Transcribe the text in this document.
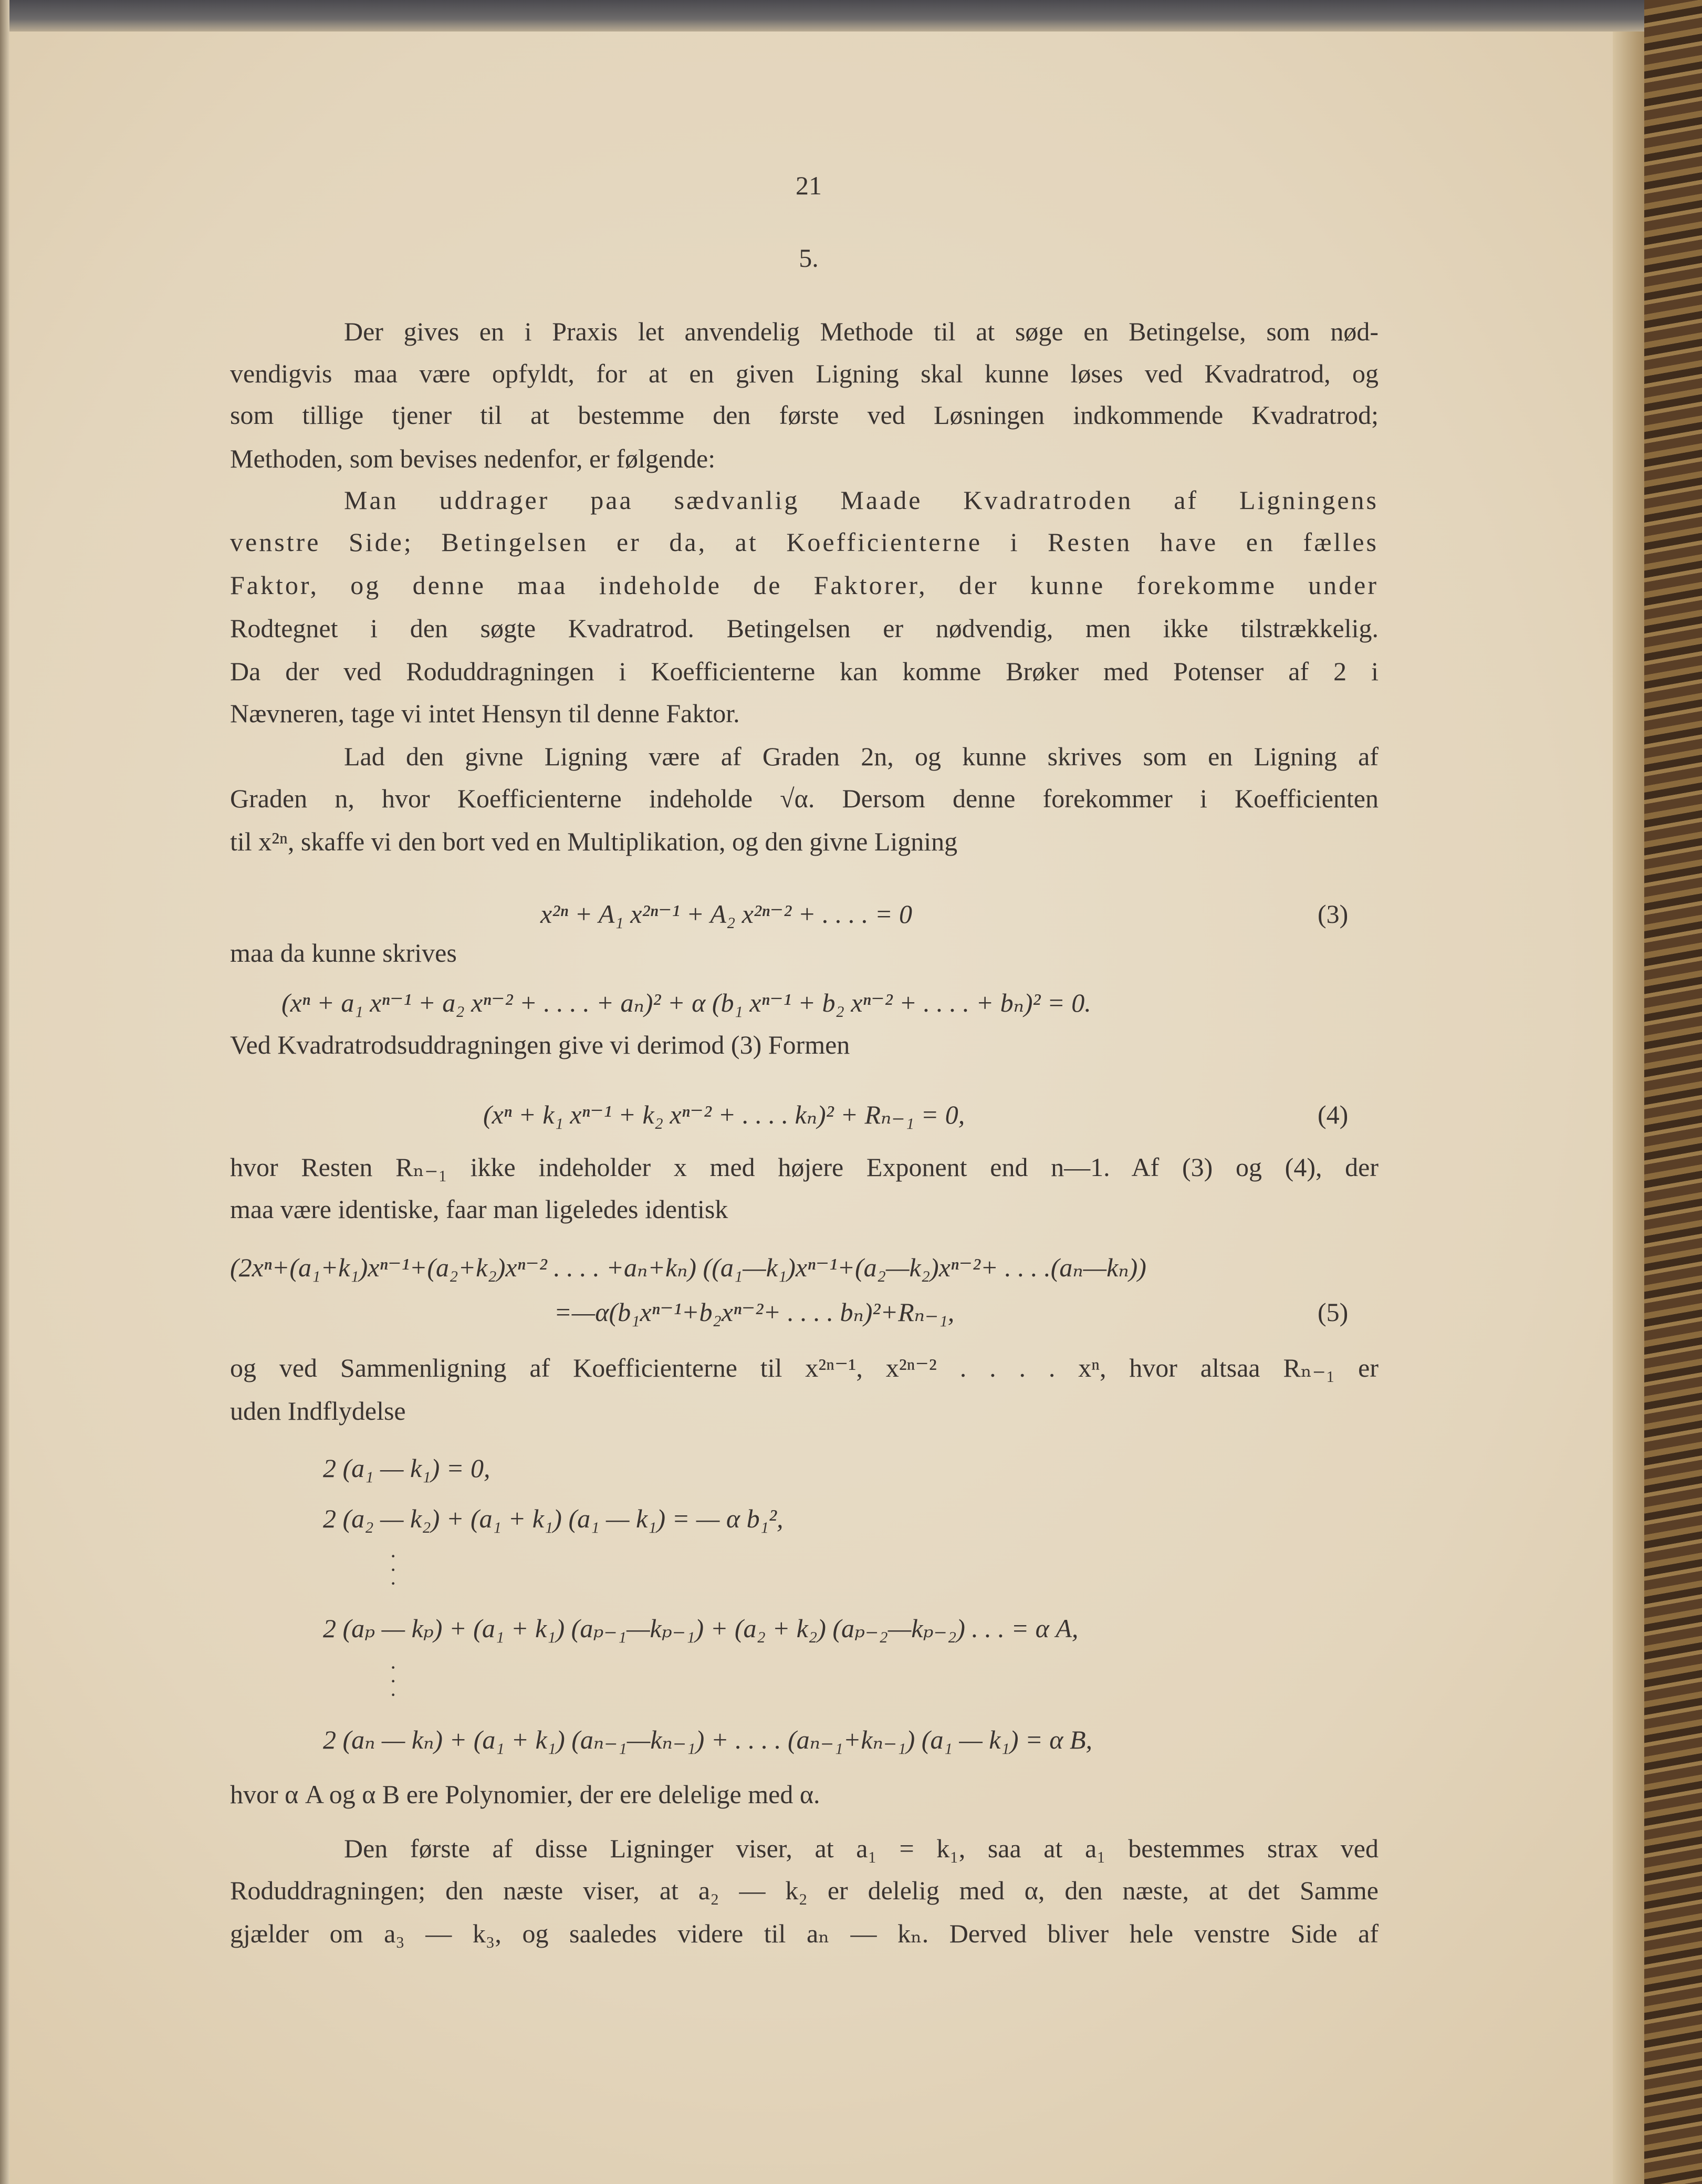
21
5.
Der gives en i Praxis let anvendelig Methode til at søge en Betingelse, som nød-
vendigvis maa være opfyldt, for at en given Ligning skal kunne løses ved Kvadratrod, og
som tillige tjener til at bestemme den første ved Løsningen indkommende Kvadratrod;
Methoden, som bevises nedenfor, er følgende:
Man uddrager paa sædvanlig Maade Kvadratroden af Ligningens
venstre Side; Betingelsen er da, at Koefficienterne i Resten have en fælles
Faktor, og denne maa indeholde de Faktorer, der kunne forekomme under
Rodtegnet i den søgte Kvadratrod. Betingelsen er nødvendig, men ikke tilstrækkelig.
Da der ved Roduddragningen i Koefficienterne kan komme Brøker med Potenser af 2 i
Nævneren, tage vi intet Hensyn til denne Faktor.
Lad den givne Ligning være af Graden 2n, og kunne skrives som en Ligning af
Graden n, hvor Koefficienterne indeholde √α. Dersom denne forekommer i Koefficienten
til x²ⁿ, skaffe vi den bort ved en Multiplikation, og den givne Ligning
x²ⁿ + A₁ x²ⁿ⁻¹ + A₂ x²ⁿ⁻² + . . . . = 0	(3)
maa da kunne skrives
(xⁿ + a₁ xⁿ⁻¹ + a₂ xⁿ⁻² + . . . . + aₙ)² + α (b₁ xⁿ⁻¹ + b₂ xⁿ⁻² + . . . . + bₙ)² = 0.
Ved Kvadratrodsuddragningen give vi derimod (3) Formen
(xⁿ + k₁ xⁿ⁻¹ + k₂ xⁿ⁻² + . . . . kₙ)² + Rₙ₋₁ = 0,	(4)
hvor Resten Rₙ₋₁ ikke indeholder x med højere Exponent end n—1. Af (3) og (4), der
maa være identiske, faar man ligeledes identisk
(2xⁿ+(a₁+k₁)xⁿ⁻¹+(a₂+k₂)xⁿ⁻² . . . . +aₙ+kₙ) ((a₁—k₁)xⁿ⁻¹+(a₂—k₂)xⁿ⁻²+ . . . .(aₙ—kₙ))
=—α(b₁xⁿ⁻¹+b₂xⁿ⁻²+ . . . . bₙ)²+Rₙ₋₁,	(5)
og ved Sammenligning af Koefficienterne til x²ⁿ⁻¹, x²ⁿ⁻² . . . . xⁿ, hvor altsaa Rₙ₋₁ er
uden Indflydelse
2 (a₁ — k₁) = 0,
2 (a₂ — k₂) + (a₁ + k₁) (a₁ — k₁) = — α b₁²,
·
·
·
2 (aₚ — kₚ) + (a₁ + k₁) (aₚ₋₁—kₚ₋₁) + (a₂ + k₂) (aₚ₋₂—kₚ₋₂) . . . = α A,
·
·
·
2 (aₙ — kₙ) + (a₁ + k₁) (aₙ₋₁—kₙ₋₁) + . . . . (aₙ₋₁+kₙ₋₁) (a₁ — k₁) = α B,
hvor α A og α B ere Polynomier, der ere delelige med α.
Den første af disse Ligninger viser, at a₁ = k₁, saa at a₁ bestemmes strax ved
Roduddragningen; den næste viser, at a₂ — k₂ er delelig med α, den næste, at det Samme
gjælder om a₃ — k₃, og saaledes videre til aₙ — kₙ. Derved bliver hele venstre Side af
